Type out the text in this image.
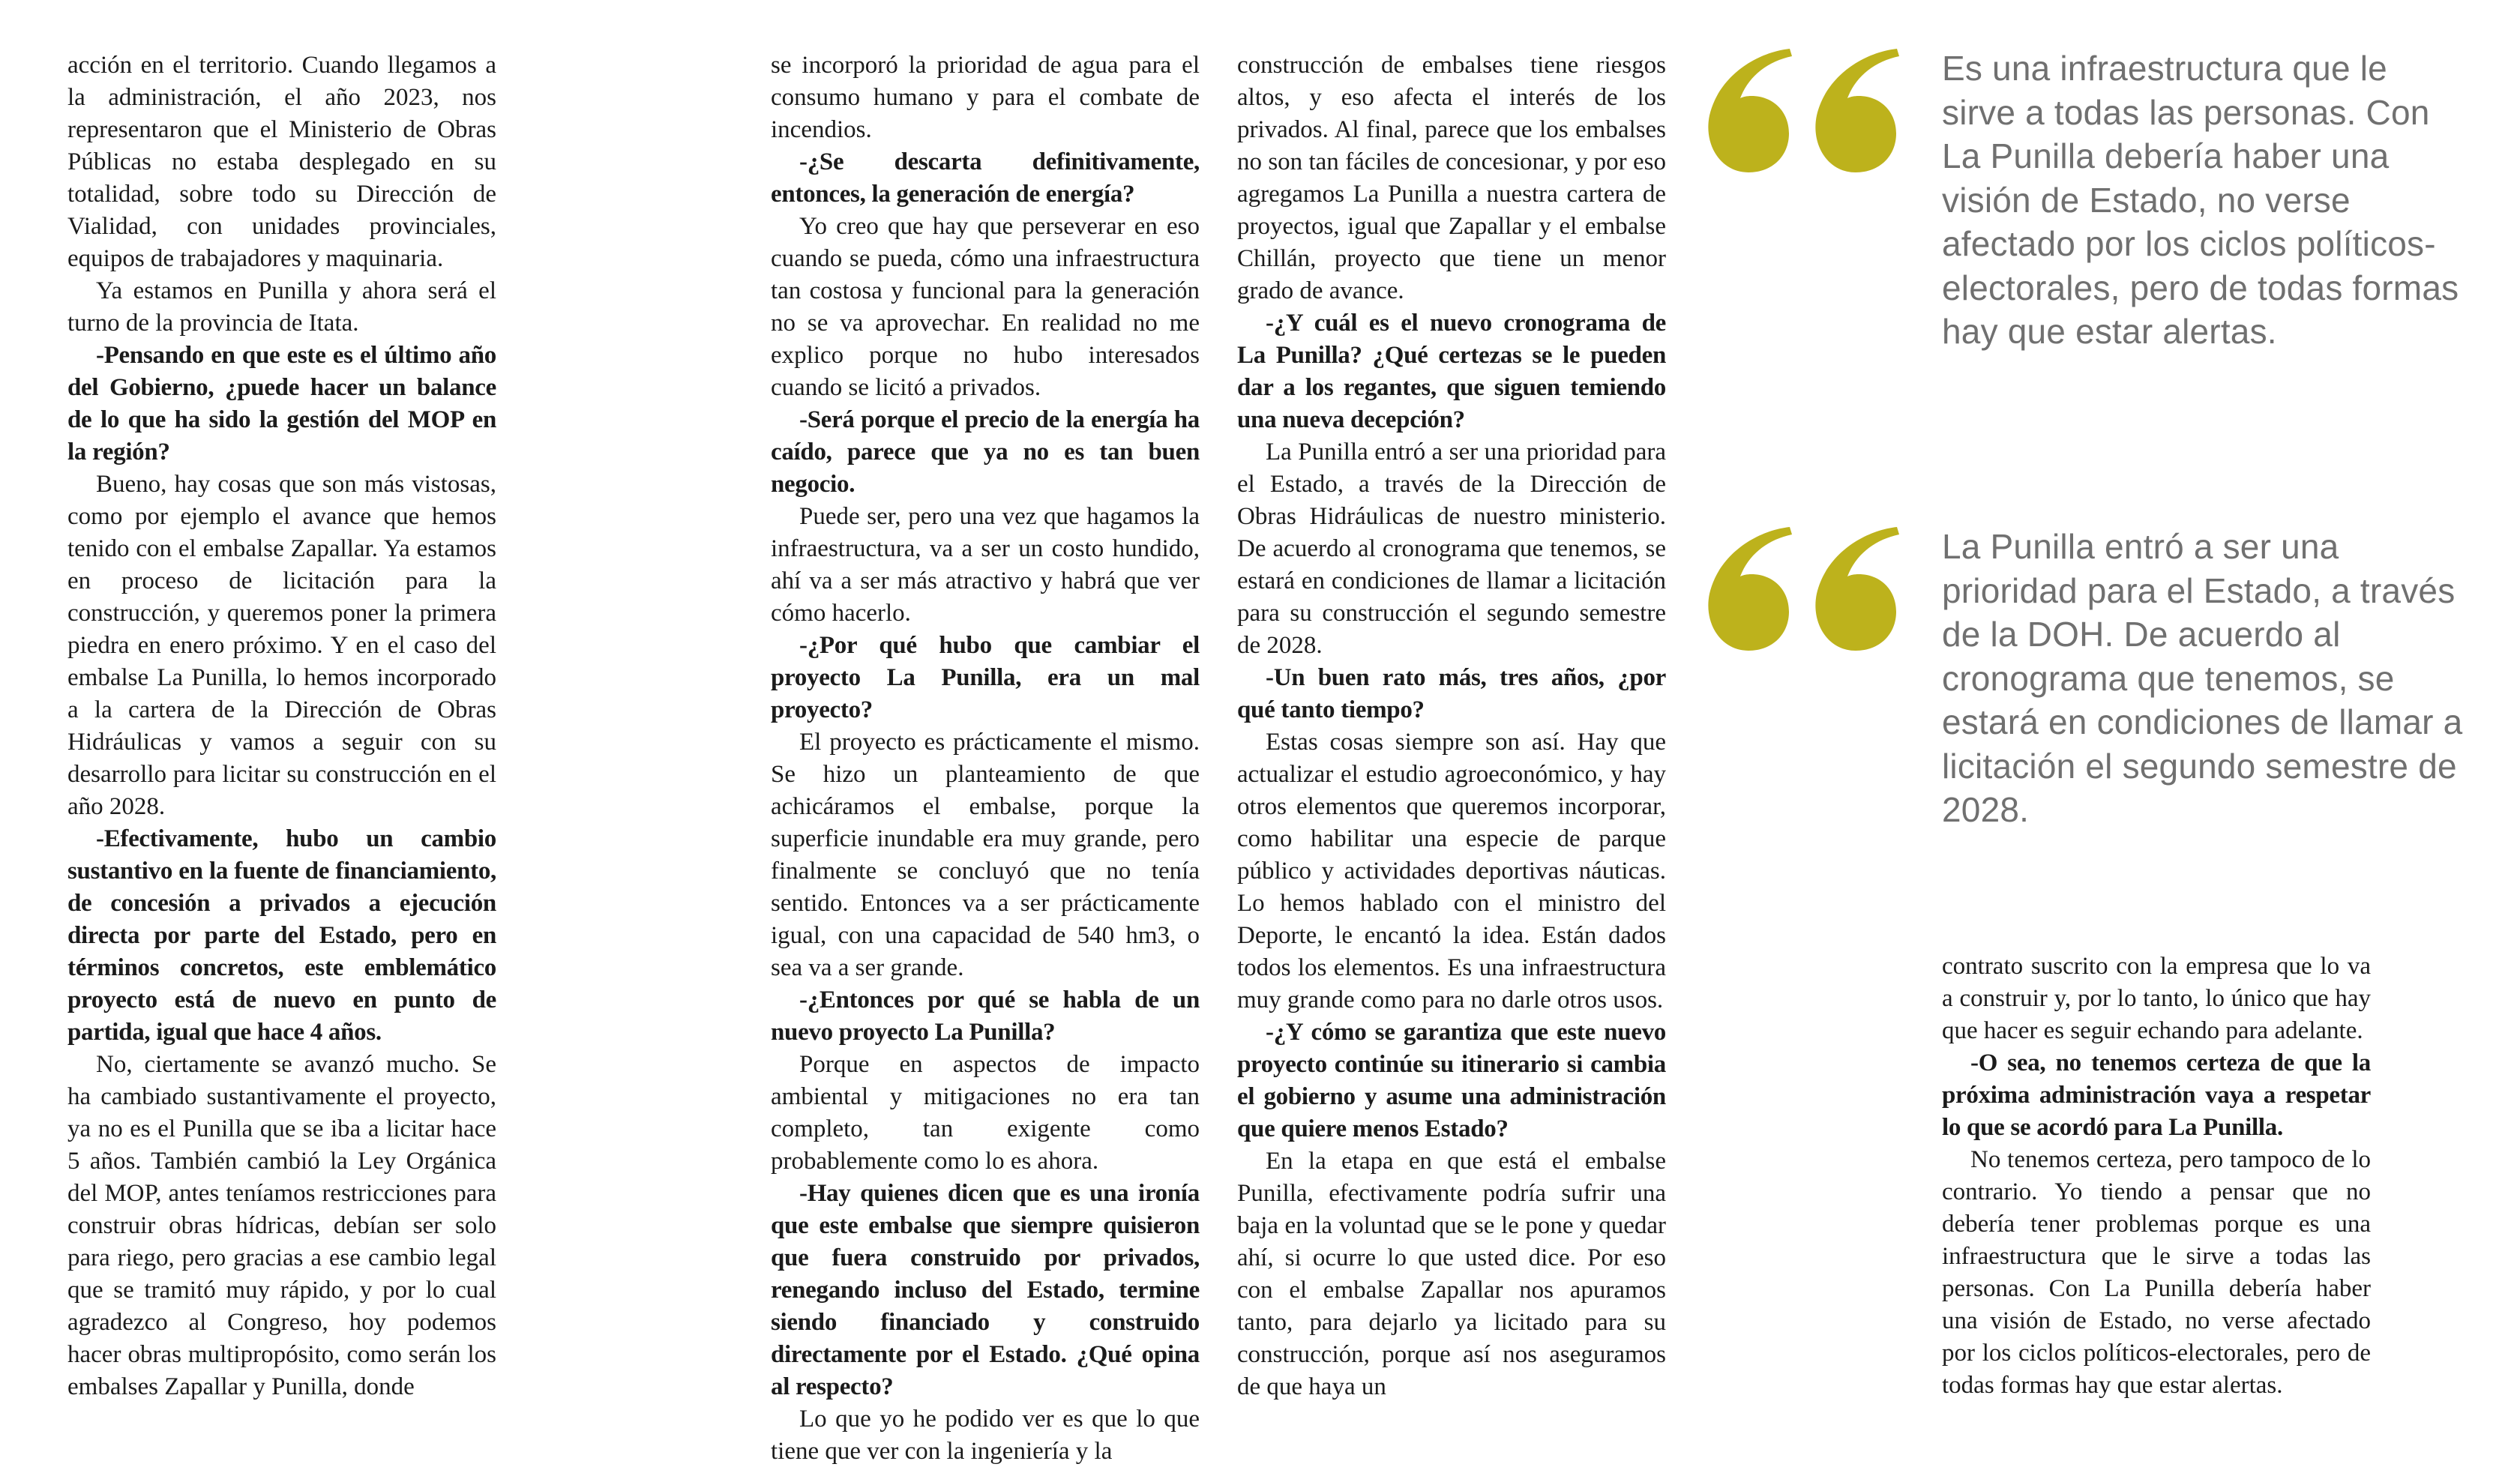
acción en el territorio. Cuando llegamos a la administración, el año 2023, nos representaron que el Ministerio de Obras Públicas no estaba desplegado en su totalidad, sobre todo su Dirección de Vialidad, con unidades provinciales, equipos de trabajadores y maquinaria.

Ya estamos en Punilla y ahora será el turno de la provincia de Itata.

-Pensando en que este es el último año del Gobierno, ¿puede hacer un balance de lo que ha sido la gestión del MOP en la región?

Bueno, hay cosas que son más vistosas, como por ejemplo el avance que hemos tenido con el embalse Zapallar. Ya estamos en proceso de licitación para la construcción, y queremos poner la primera piedra en enero próximo. Y en el caso del embalse La Punilla, lo hemos incorporado a la cartera de la Dirección de Obras Hidráulicas y vamos a seguir con su desarrollo para licitar su construcción en el año 2028.

-Efectivamente, hubo un cambio sustantivo en la fuente de financiamiento, de concesión a privados a ejecución directa por parte del Estado, pero en términos concretos, este emblemático proyecto está de nuevo en punto de partida, igual que hace 4 años.

No, ciertamente se avanzó mucho. Se ha cambiado sustantivamente el proyecto, ya no es el Punilla que se iba a licitar hace 5 años. También cambió la Ley Orgánica del MOP, antes teníamos restricciones para construir obras hídricas, debían ser solo para riego, pero gracias a ese cambio legal que se tramitó muy rápido, y por lo cual agradezco al Congreso, hoy podemos hacer obras multipropósito, como serán los embalses Zapallar y Punilla, donde

se incorporó la prioridad de agua para el consumo humano y para el combate de incendios.

-¿Se descarta definitivamente, entonces, la generación de energía?

Yo creo que hay que perseverar en eso cuando se pueda, cómo una infraestructura tan costosa y funcional para la generación no se va aprovechar. En realidad no me explico porque no hubo interesados cuando se licitó a privados.

-Será porque el precio de la energía ha caído, parece que ya no es tan buen negocio.

Puede ser, pero una vez que hagamos la infraestructura, va a ser un costo hundido, ahí va a ser más atractivo y habrá que ver cómo hacerlo.

-¿Por qué hubo que cambiar el proyecto La Punilla, era un mal proyecto?

El proyecto es prácticamente el mismo. Se hizo un planteamiento de que achicáramos el embalse, porque la superficie inundable era muy grande, pero finalmente se concluyó que no tenía sentido. Entonces va a ser prácticamente igual, con una capacidad de 540 hm3, o sea va a ser grande.

-¿Entonces por qué se habla de un nuevo proyecto La Punilla?

Porque en aspectos de impacto ambiental y mitigaciones no era tan completo, tan exigente como probablemente como lo es ahora.

-Hay quienes dicen que es una ironía que este embalse que siempre quisieron que fuera construido por privados, renegando incluso del Estado, termine siendo financiado y construido directamente por el Estado. ¿Qué opina al respecto?

Lo que yo he podido ver es que lo que tiene que ver con la ingeniería y la

construcción de embalses tiene riesgos altos, y eso afecta el interés de los privados. Al final, parece que los embalses no son tan fáciles de concesionar, y por eso agregamos La Punilla a nuestra cartera de proyectos, igual que Zapallar y el embalse Chillán, proyecto que tiene un menor grado de avance.

-¿Y cuál es el nuevo cronograma de La Punilla? ¿Qué certezas se le pueden dar a los regantes, que siguen temiendo una nueva decepción?

La Punilla entró a ser una prioridad para el Estado, a través de la Dirección de Obras Hidráulicas de nuestro ministerio. De acuerdo al cronograma que tenemos, se estará en condiciones de llamar a licitación para su construcción el segundo semestre de 2028.

-Un buen rato más, tres años, ¿por qué tanto tiempo?

Estas cosas siempre son así. Hay que actualizar el estudio agroeconómico, y hay otros elementos que queremos incorporar, como habilitar una especie de parque público y actividades deportivas náuticas. Lo hemos hablado con el ministro del Deporte, le encantó la idea. Están dados todos los elementos. Es una infraestructura muy grande como para no darle otros usos.

-¿Y cómo se garantiza que este nuevo proyecto continúe su itinerario si cambia el gobierno y asume una administración que quiere menos Estado?

En la etapa en que está el embalse Punilla, efectivamente podría sufrir una baja en la voluntad que se le pone y quedar ahí, si ocurre lo que usted dice. Por eso con el embalse Zapallar nos apuramos tanto, para dejarlo ya licitado para su construcción, porque así nos aseguramos de que haya un

contrato suscrito con la empresa que lo va a construir y, por lo tanto, lo único que hay que hacer es seguir echando para adelante.

-O sea, no tenemos certeza de que la próxima administración vaya a respetar lo que se acordó para La Punilla.

No tenemos certeza, pero tampoco de lo contrario. Yo tiendo a pensar que no debería tener problemas porque es una infraestructura que le sirve a todas las personas. Con La Punilla debería haber una visión de Estado, no verse afectado por los ciclos políticos-electorales, pero de todas formas hay que estar alertas.

Es una infraestructura que le sirve a todas las personas. Con La Punilla debería haber una visión de Estado, no verse afectado por los ciclos políticos-electorales, pero de todas formas hay que estar alertas.
La Punilla entró a ser una prioridad para el Estado, a través de la DOH. De acuerdo al cronograma que tenemos, se estará en condiciones de llamar a licitación el segundo semestre de 2028.
